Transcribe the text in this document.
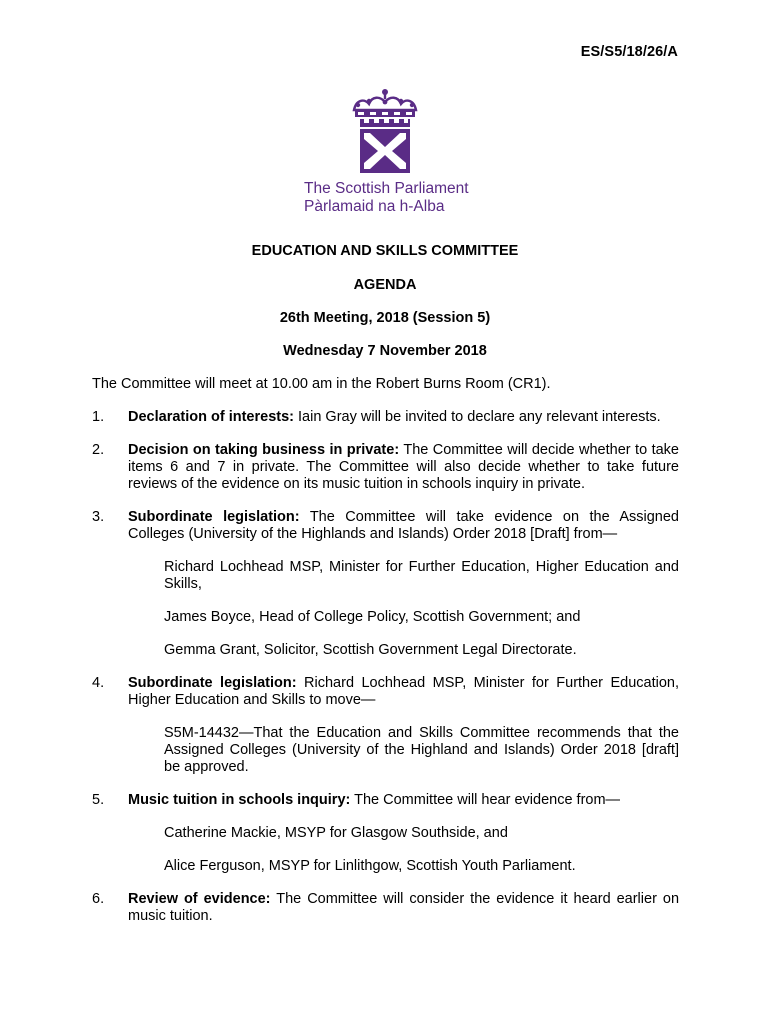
ES/S5/18/26/A
The Scottish Parliament
Pàrlamaid na h-Alba
EDUCATION AND SKILLS COMMITTEE
AGENDA
26th Meeting, 2018 (Session 5)
Wednesday 7 November 2018
The Committee will meet at 10.00 am in the Robert Burns Room (CR1).
1. Declaration of interests: Iain Gray will be invited to declare any relevant interests.

2. Decision on taking business in private: The Committee will decide whether to take items 6 and 7 in private. The Committee will also decide whether to take future reviews of the evidence on its music tuition in schools inquiry in private.

3. Subordinate legislation: The Committee will take evidence on the Assigned Colleges (University of the Highlands and Islands) Order 2018 [Draft] from—

Richard Lochhead MSP, Minister for Further Education, Higher Education and Skills,

James Boyce, Head of College Policy, Scottish Government; and

Gemma Grant, Solicitor, Scottish Government Legal Directorate.

4. Subordinate legislation: Richard Lochhead MSP, Minister for Further Education, Higher Education and Skills to move—

S5M-14432—That the Education and Skills Committee recommends that the Assigned Colleges (University of the Highland and Islands) Order 2018 [draft] be approved.

5. Music tuition in schools inquiry: The Committee will hear evidence from—

Catherine Mackie, MSYP for Glasgow Southside, and

Alice Ferguson, MSYP for Linlithgow, Scottish Youth Parliament.

6. Review of evidence: The Committee will consider the evidence it heard earlier on music tuition.
